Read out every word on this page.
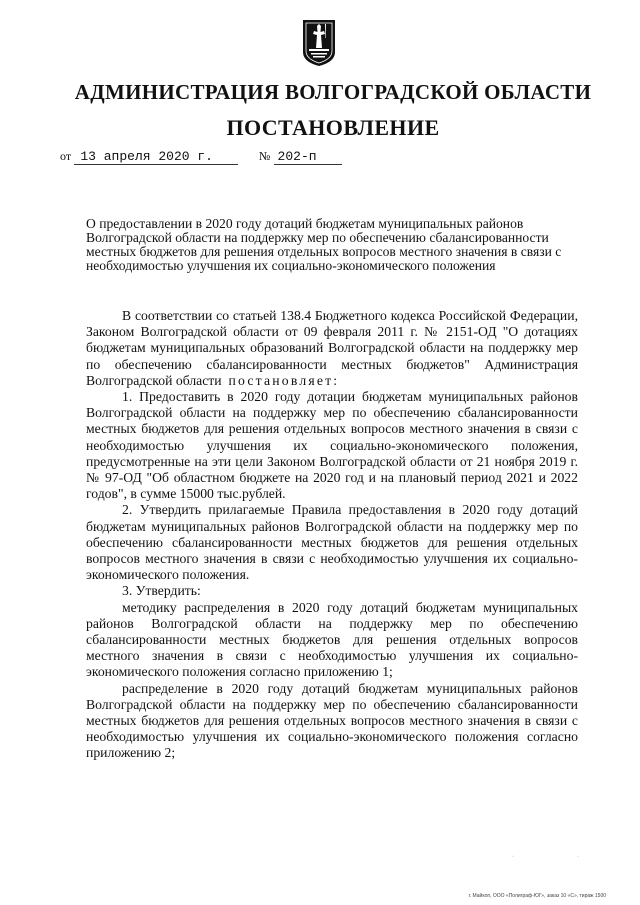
АДМИНИСТРАЦИЯ ВОЛГОГРАДСКОЙ ОБЛАСТИ
ПОСТАНОВЛЕНИЕ
от 13 апреля 2020 г.	№ 202-п
О предоставлении в 2020 году дотаций бюджетам муниципальных районов Волгоградской области на поддержку мер по обеспечению сбалансированности местных бюджетов для решения отдельных вопросов местного значения в связи с необходимостью улучшения их социально-экономического положения

В соответствии со статьей 138.4 Бюджетного кодекса Российской Федерации, Законом Волгоградской области от 09 февраля 2011 г. № 2151-ОД "О дотациях бюджетам муниципальных образований Волгоградской области на поддержку мер по обеспечению сбалансированности местных бюджетов" Администрация Волгоградской области постановляет:

1. Предоставить в 2020 году дотации бюджетам муниципальных районов Волгоградской области на поддержку мер по обеспечению сбалансированности местных бюджетов для решения отдельных вопросов местного значения в связи с необходимостью улучшения их социально-экономического положения, предусмотренные на эти цели Законом Волгоградской области от 21 ноября 2019 г. № 97-ОД "Об областном бюджете на 2020 год и на плановый период 2021 и 2022 годов", в сумме 15000 тыс.рублей.

2. Утвердить прилагаемые Правила предоставления в 2020 году дотаций бюджетам муниципальных районов Волгоградской области на поддержку мер по обеспечению сбалансированности местных бюджетов для решения отдельных вопросов местного значения в связи с необходимостью улучшения их социально-экономического положения.

3. Утвердить:

методику распределения в 2020 году дотаций бюджетам муниципальных районов Волгоградской области на поддержку мер по обеспечению сбалансированности местных бюджетов для решения отдельных вопросов местного значения в связи с необходимостью улучшения их социально-экономического положения согласно приложению 1;

распределение в 2020 году дотаций бюджетам муниципальных районов Волгоградской области на поддержку мер по обеспечению сбалансированности местных бюджетов для решения отдельных вопросов местного значения в связи с необходимостью улучшения их социально-экономического положения согласно приложению 2;

·                                          ·
г. Майкоп, ООО «Полиграф-ЮГ», заказ 10 «С», тираж 1500
